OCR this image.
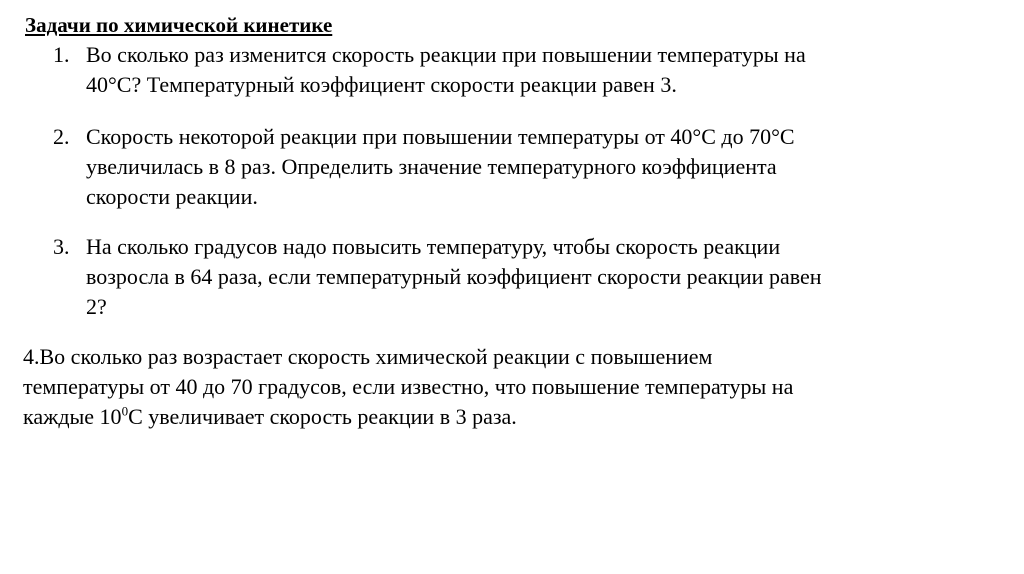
Задачи по химической кинетике
1. Во сколько раз изменится скорость реакции при повышении температуры на
40°C? Температурный коэффициент скорости реакции равен 3.
2. Скорость некоторой реакции при повышении температуры от 40°C до 70°C
увеличилась в 8 раз. Определить значение температурного коэффициента
скорости реакции.
3. На сколько градусов надо повысить температуру, чтобы скорость реакции
возросла в 64 раза, если температурный коэффициент скорости реакции равен
2?
4.Во сколько раз возрастает скорость химической реакции с повышением
температуры от 40 до 70 градусов, если известно, что повышение температуры на
каждые $10^0С$ увеличивает скорость реакции в 3 раза.
